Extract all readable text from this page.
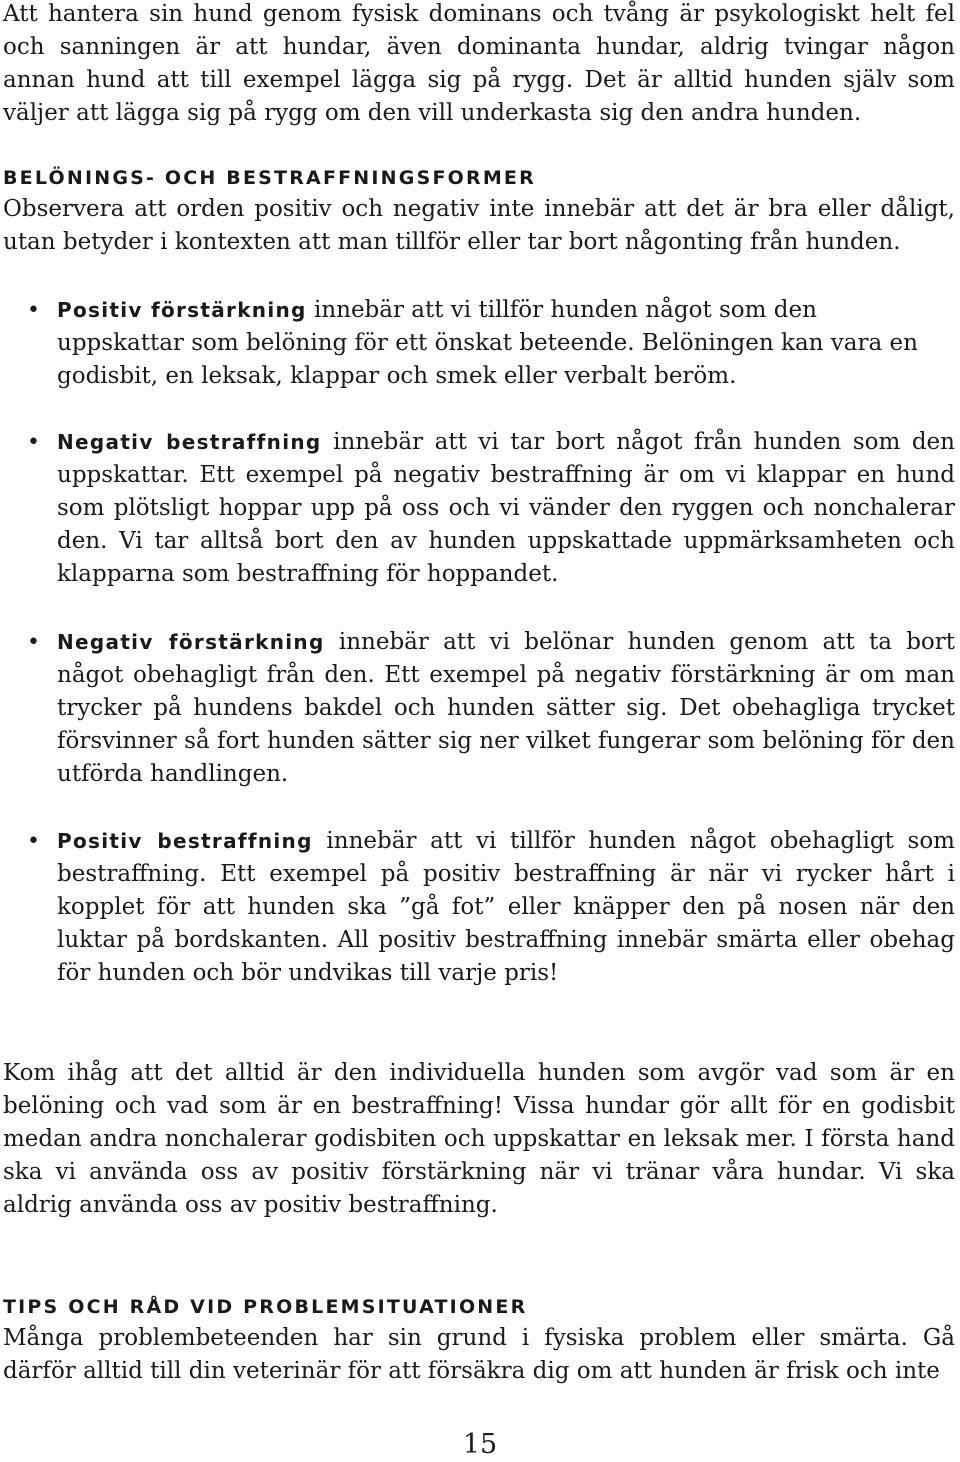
Att hantera sin hund genom fysisk dominans och tvång är psykologiskt helt fel och sanningen är att hundar, även dominanta hundar, aldrig tvingar någon annan hund att till exempel lägga sig på rygg. Det är alltid hunden själv som väljer att lägga sig på rygg om den vill underkasta sig den andra hunden.

BELÖNINGS- OCH BESTRAFFNINGSFORMER

Observera att orden positiv och negativ inte innebär att det är bra eller dåligt, utan betyder i kontexten att man tillför eller tar bort någonting från hunden.

• Positiv förstärkning innebär att vi tillför hunden något som den uppskattar som belöning för ett önskat beteende. Belöningen kan vara en godisbit, en leksak, klappar och smek eller verbalt beröm.

• Negativ bestraffning innebär att vi tar bort något från hunden som den uppskattar. Ett exempel på negativ bestraffning är om vi klappar en hund som plötsligt hoppar upp på oss och vi vänder den ryggen och nonchalerar den. Vi tar alltså bort den av hunden uppskattade uppmärksamheten och klapparna som bestraffning för hoppandet.

• Negativ förstärkning innebär att vi belönar hunden genom att ta bort något obehagligt från den. Ett exempel på negativ förstärkning är om man trycker på hundens bakdel och hunden sätter sig. Det obehagliga trycket försvinner så fort hunden sätter sig ner vilket fungerar som belöning för den utförda handlingen.

• Positiv bestraffning innebär att vi tillför hunden något obehagligt som bestraffning. Ett exempel på positiv bestraffning är när vi rycker hårt i kopplet för att hunden ska ”gå fot” eller knäpper den på nosen när den luktar på bordskanten. All positiv bestraffning innebär smärta eller obehag för hunden och bör undvikas till varje pris!

Kom ihåg att det alltid är den individuella hunden som avgör vad som är en belöning och vad som är en bestraffning! Vissa hundar gör allt för en godisbit medan andra nonchalerar godisbiten och uppskattar en leksak mer. I första hand ska vi använda oss av positiv förstärkning när vi tränar våra hundar. Vi ska aldrig använda oss av positiv bestraffning.

TIPS OCH RÅD VID PROBLEMSITUATIONER

Många problembeteenden har sin grund i fysiska problem eller smärta. Gå därför alltid till din veterinär för att försäkra dig om att hunden är frisk och inte

15
